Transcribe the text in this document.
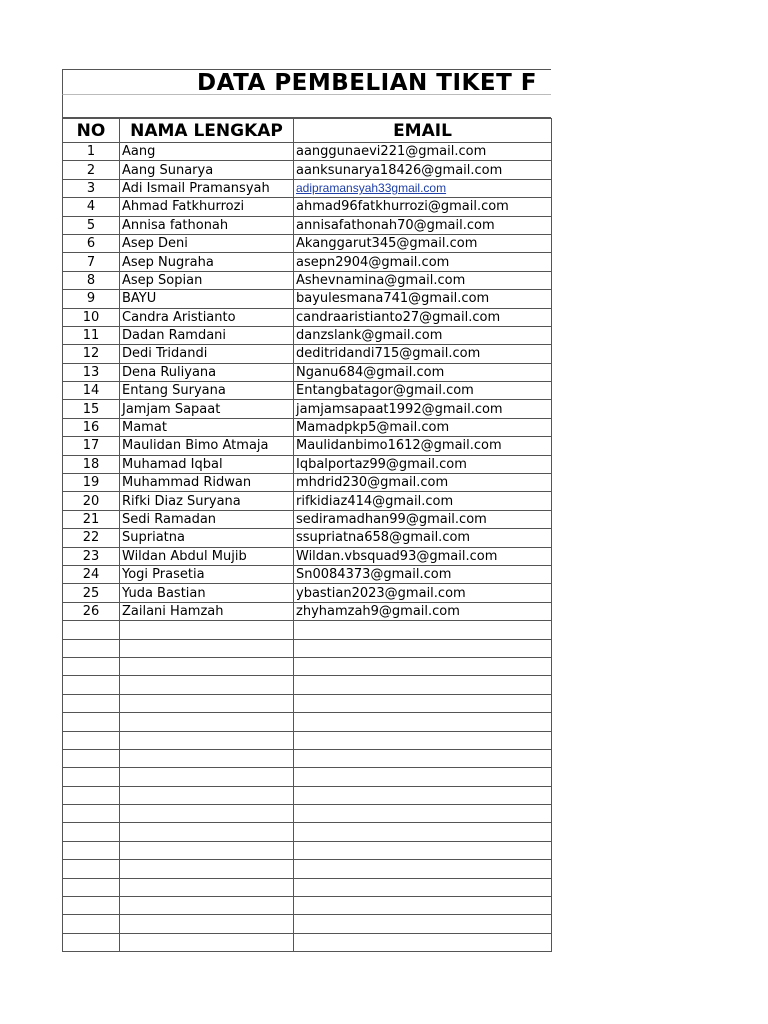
DATA PEMBELIAN TIKET F
NO	NAMA LENGKAP	EMAIL
1	Aang	aanggunaevi221@gmail.com
2	Aang Sunarya	aanksunarya18426@gmail.com
3	Adi Ismail Pramansyah	adipramansyah33gmail.com
4	Ahmad Fatkhurrozi	ahmad96fatkhurrozi@gmail.com
5	Annisa fathonah	annisafathonah70@gmail.com
6	Asep Deni	Akanggarut345@gmail.com
7	Asep Nugraha	asepn2904@gmail.com
8	Asep Sopian	Ashevnamina@gmail.com
9	BAYU	bayulesmana741@gmail.com
10	Candra Aristianto	candraaristianto27@gmail.com
11	Dadan Ramdani	danzslank@gmail.com
12	Dedi Tridandi	deditridandi715@gmail.com
13	Dena Ruliyana	Nganu684@gmail.com
14	Entang Suryana	Entangbatagor@gmail.com
15	Jamjam Sapaat	jamjamsapaat1992@gmail.com
16	Mamat	Mamadpkp5@mail.com
17	Maulidan Bimo Atmaja	Maulidanbimo1612@gmail.com
18	Muhamad Iqbal	Iqbalportaz99@gmail.com
19	Muhammad Ridwan	mhdrid230@gmail.com
20	Rifki Diaz Suryana	rifkidiaz414@gmail.com
21	Sedi Ramadan	sediramadhan99@gmail.com
22	Supriatna	ssupriatna658@gmail.com
23	Wildan Abdul Mujib	Wildan.vbsquad93@gmail.com
24	Yogi Prasetia	Sn0084373@gmail.com
25	Yuda Bastian	ybastian2023@gmail.com
26	Zailani Hamzah	zhyhamzah9@gmail.com
